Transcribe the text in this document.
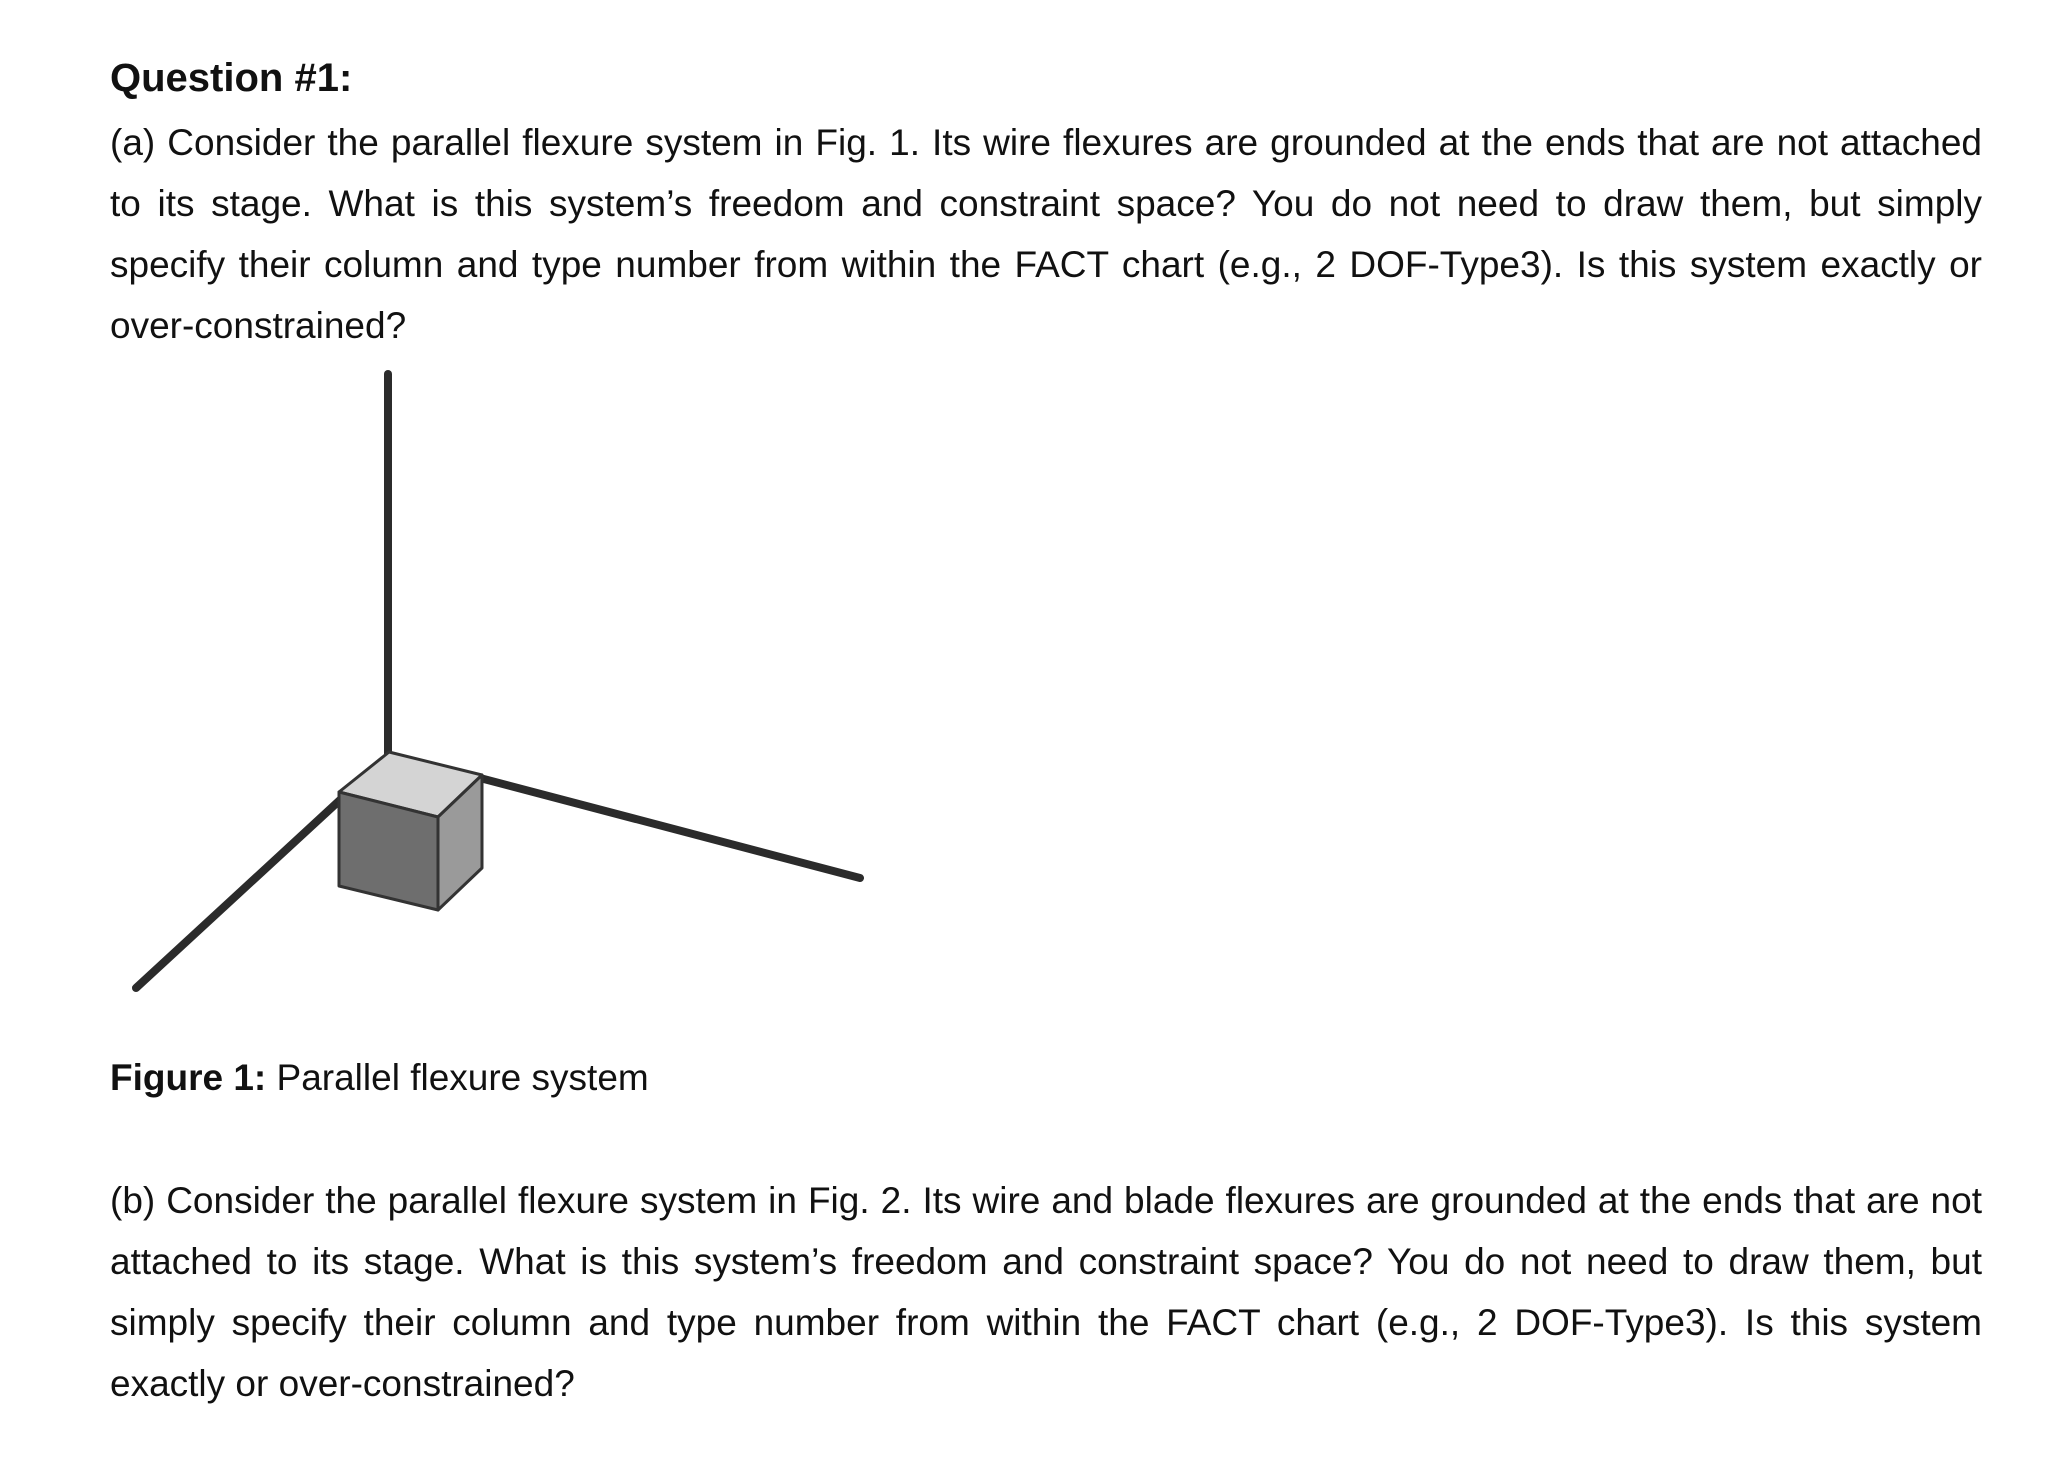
Question #1:

(a) Consider the parallel flexure system in Fig. 1. Its wire flexures are grounded at the ends that are not attached to its stage. What is this system’s freedom and constraint space? You do not need to draw them, but simply specify their column and type number from within the FACT chart (e.g., 2 DOF-Type3). Is this system exactly or over-constrained?

Figure 1: Parallel flexure system

(b) Consider the parallel flexure system in Fig. 2. Its wire and blade flexures are grounded at the ends that are not attached to its stage. What is this system’s freedom and constraint space? You do not need to draw them, but simply specify their column and type number from within the FACT chart (e.g., 2 DOF-Type3). Is this system exactly or over-constrained?
